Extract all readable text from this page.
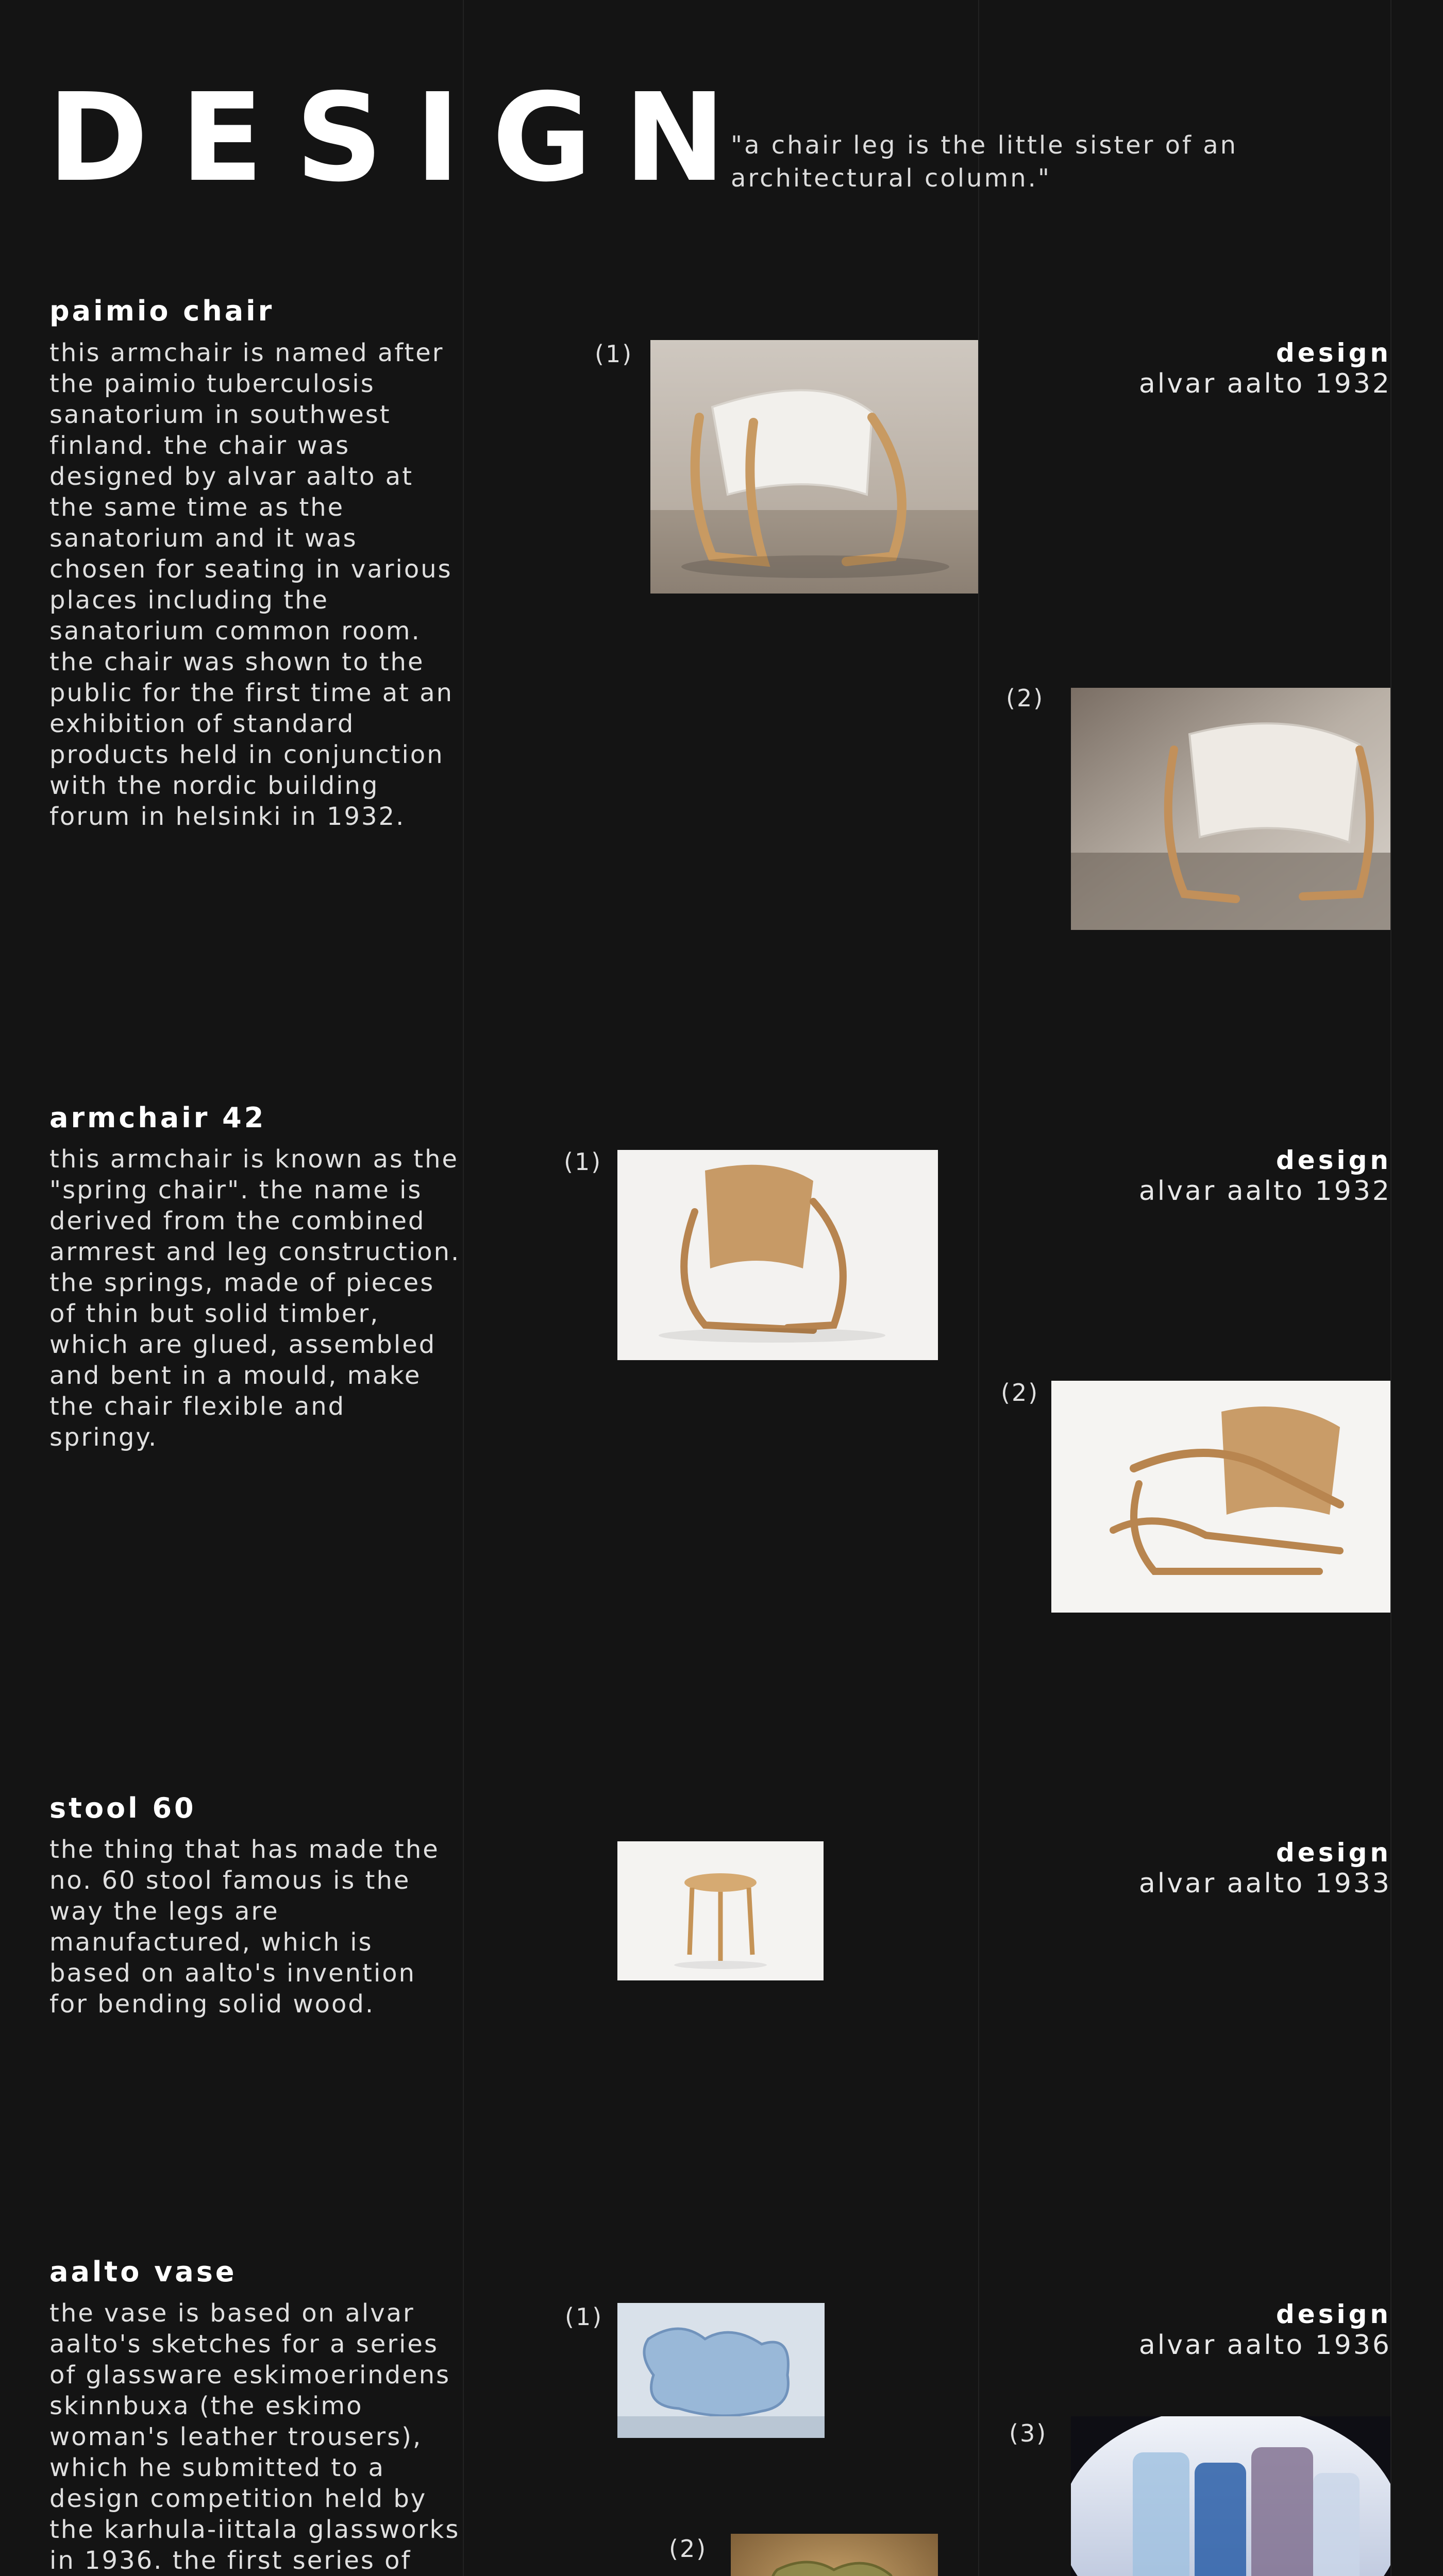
DESIGN
"a chair leg is the little sister of an architectural column."
paimio chair
this armchair is named after the paimio tuberculosis sanatorium in southwest finland. the chair was designed by alvar aalto at the same time as the sanatorium and it was chosen for seating in various places including the sanatorium common room. the chair was shown to the public for the first time at an exhibition of standard products held in conjunction with the nordic building forum in helsinki in 1932.
design
alvar aalto 1932
(1)
(2)
armchair 42
this armchair is known as the "spring chair". the name is derived from the combined armrest and leg construction. the springs, made of pieces of thin but solid timber, which are glued, assembled and bent in a mould, make the chair flexible and springy.
design
alvar aalto 1932
(1)
(2)
stool 60
the thing that has made the no. 60 stool famous is the way the legs are manufactured, which is based on aalto's invention for bending solid wood.
design
alvar aalto 1933
aalto vase
the vase is based on alvar aalto's sketches for a series of glassware eskimoerindens skinnbuxa (the eskimo woman's leather trousers), which he submitted to a design competition held by the karhula-iittala glassworks in 1936. the first series of
design
alvar aalto 1936
(1)
(2)
(3)
